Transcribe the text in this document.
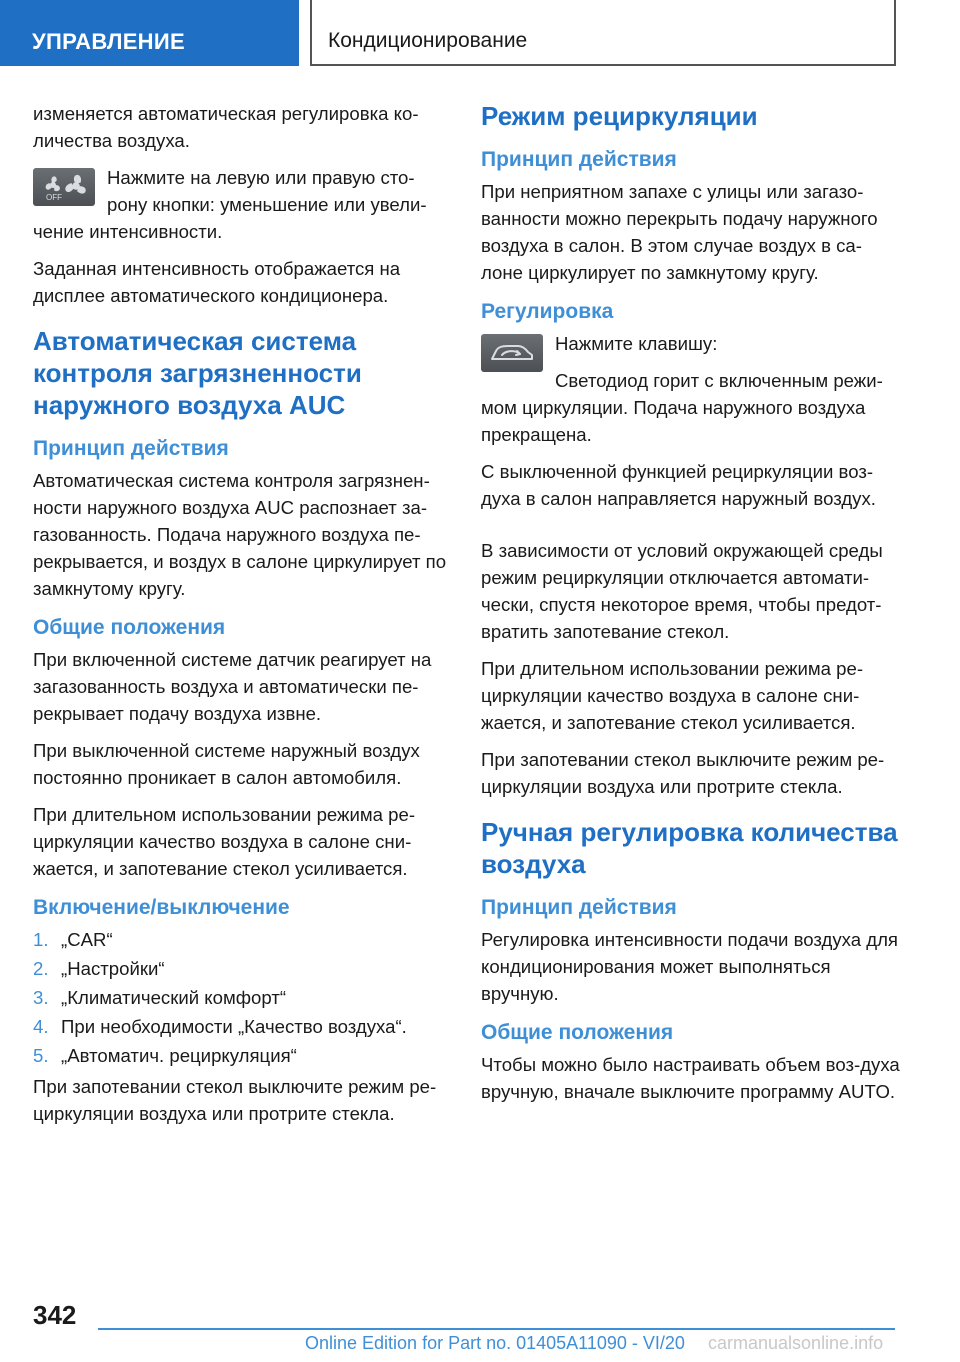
УПРАВЛЕНИЕ	Кондиционирование

изменяется автоматическая регулировка ко-личества воздуха.

OFF

Нажмите на левую или правую сто-рону кнопки: уменьшение или увели-чение интенсивности.

Заданная интенсивность отображается на дисплее автоматического кондиционера.

Автоматическая система контроля загрязненности наружного воздуха AUC
Принцип действия

Автоматическая система контроля загрязнен-ности наружного воздуха AUC распознает за-газованность. Подача наружного воздуха пе-рекрывается, и воздух в салоне циркулирует по замкнутому кругу.

Общие положения

При включенной системе датчик реагирует на загазованность воздуха и автоматически пе-рекрывает подачу воздуха извне.

При выключенной системе наружный воздух постоянно проникает в салон автомобиля.

При длительном использовании режима ре-циркуляции качество воздуха в салоне сни-жается, и запотевание стекол усиливается.

Включение/выключение
1. „CAR“
2. „Настройки“
3. „Климатический комфорт“
4. При необходимости „Качество воздуха“.
5. „Автоматич. рециркуляция“

При запотевании стекол выключите режим ре-циркуляции воздуха или протрите стекла.

Режим рециркуляции
Принцип действия

При неприятном запахе с улицы или загазо-ванности можно перекрыть подачу наружного воздуха в салон. В этом случае воздух в са-лоне циркулирует по замкнутому кругу.

Регулировка

Нажмите клавишу:

Светодиод горит с включенным режи-мом циркуляции. Подача наружного воздуха прекращена.

С выключенной функцией рециркуляции воз-духа в салон направляется наружный воздух.

В зависимости от условий окружающей среды режим рециркуляции отключается автомати-чески, спустя некоторое время, чтобы предот-вратить запотевание стекол.

При длительном использовании режима ре-циркуляции качество воздуха в салоне сни-жается, и запотевание стекол усиливается.

При запотевании стекол выключите режим ре-циркуляции воздуха или протрите стекла.

Ручная регулировка количества воздуха
Принцип действия

Регулировка интенсивности подачи воздуха для кондиционирования может выполняться вручную.

Общие положения

Чтобы можно было настраивать объем воз-духа вручную, вначале выключите программу AUTO.

342
Online Edition for Part no. 01405A11090 - VI/20 carmanualsonline.info
